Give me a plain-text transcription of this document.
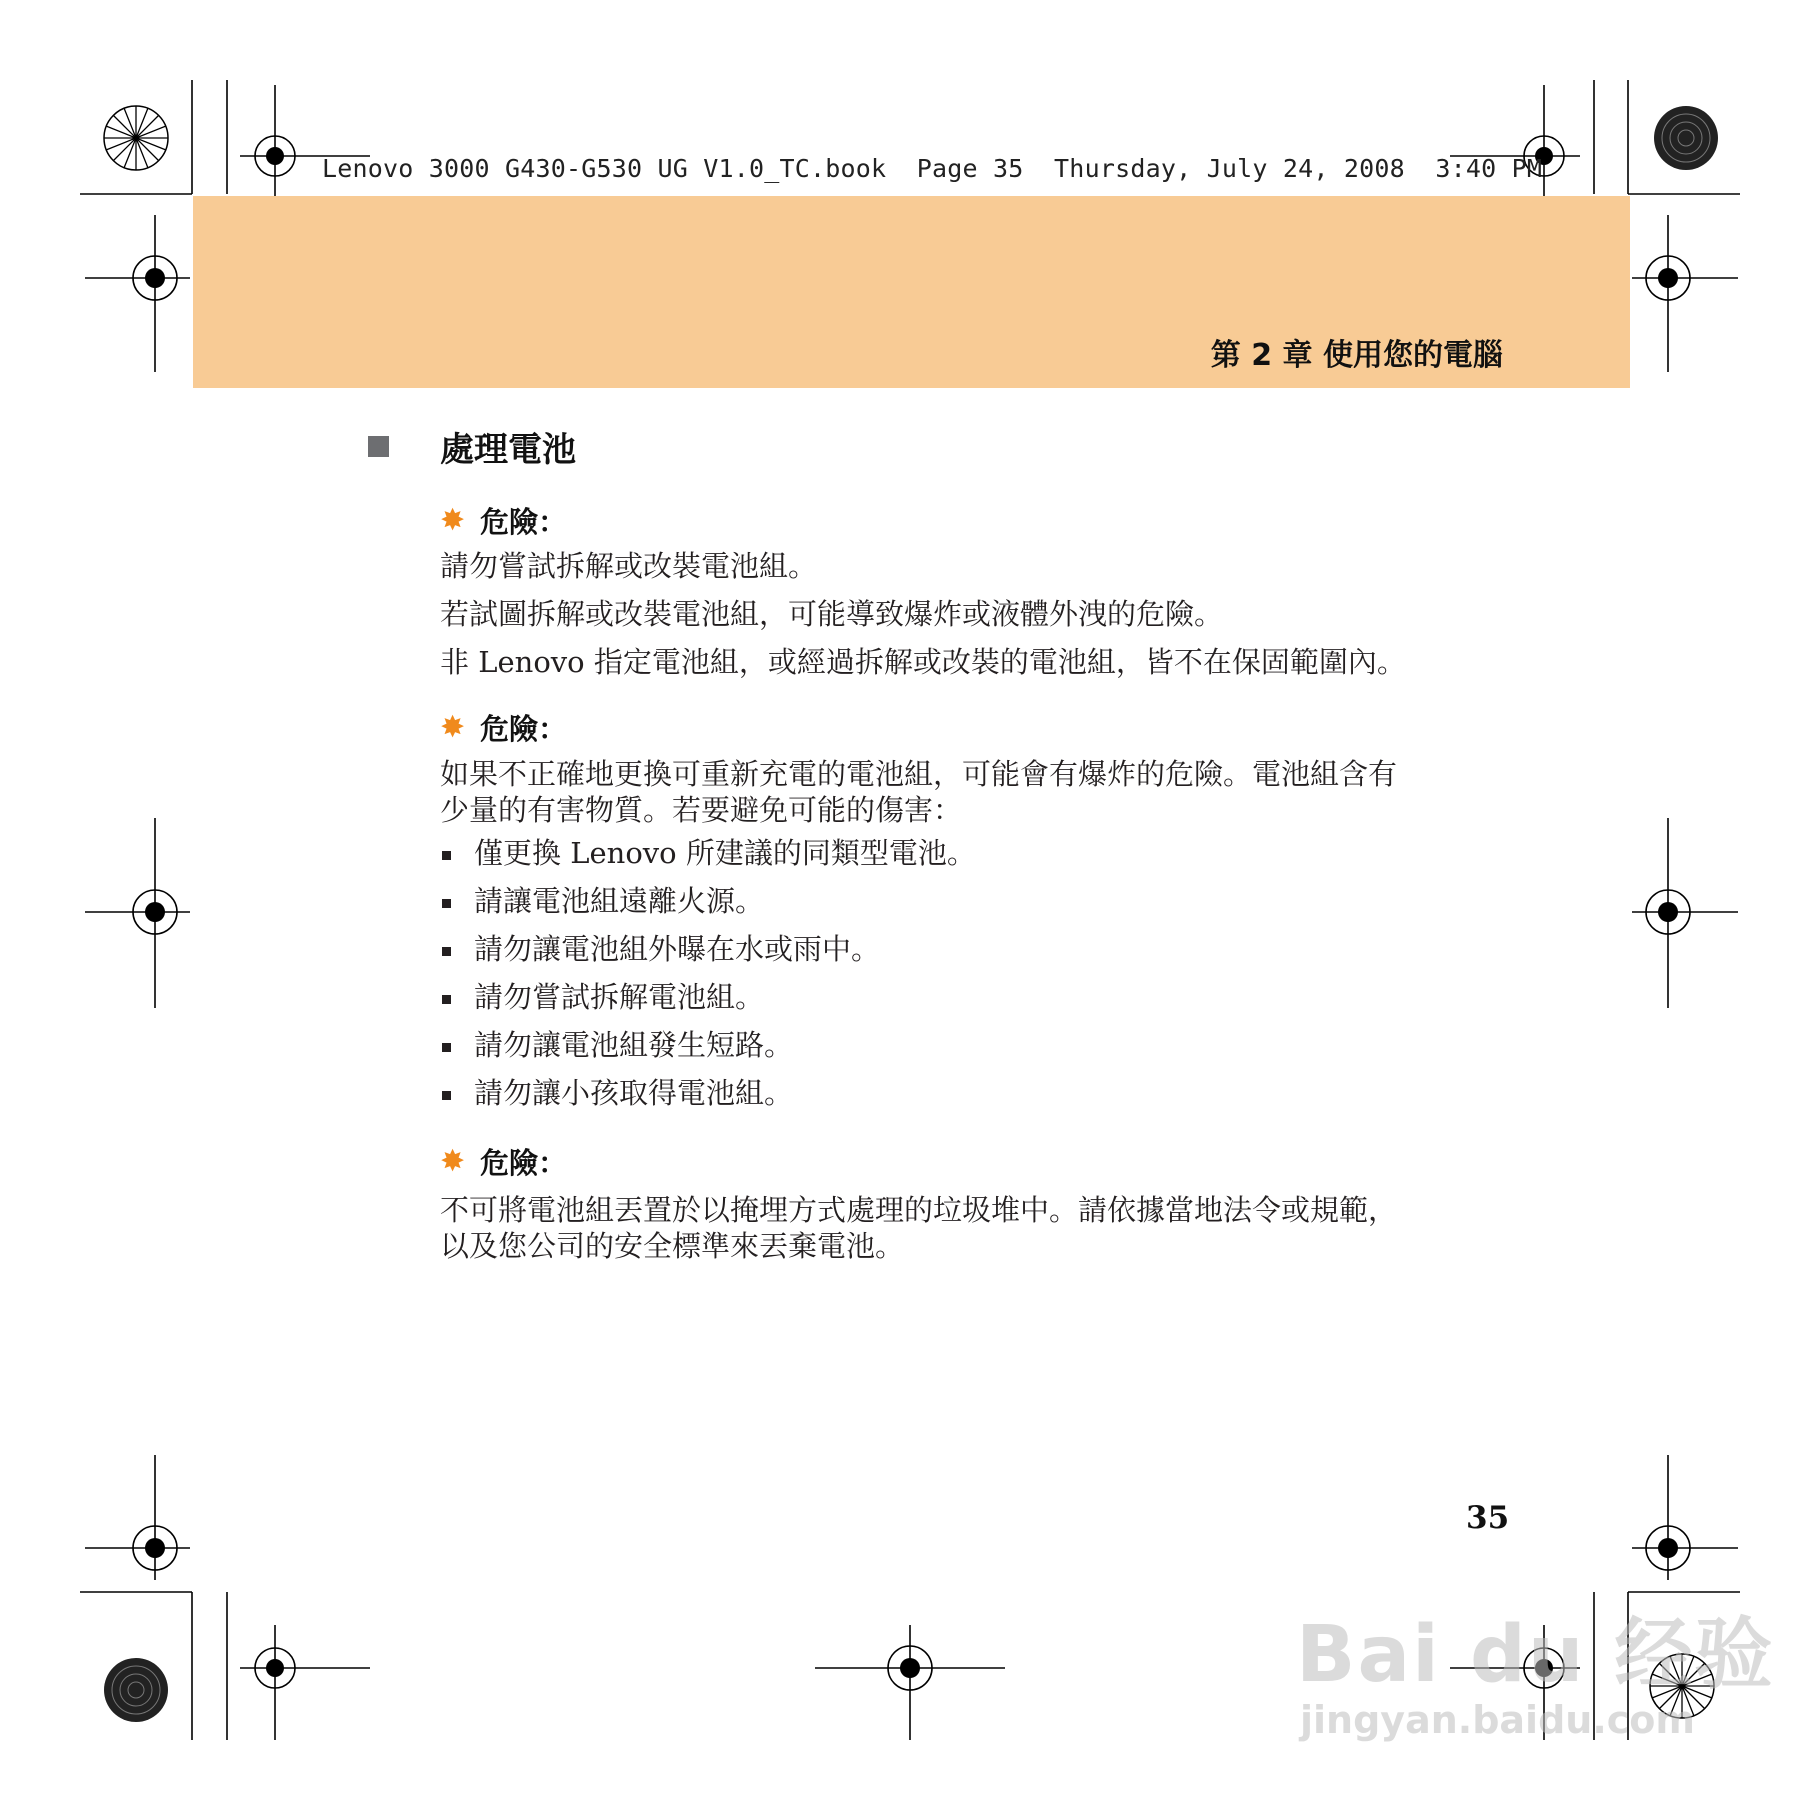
Lenovo 3000 G430-G530 UG V1.0_TC.book  Page 35  Thursday, July 24, 2008  3:40 PM
第 2 章 使用您的電腦
處理電池
✸ 危險：
請勿嘗試拆解或改裝電池組。
若試圖拆解或改裝電池組，可能導致爆炸或液體外洩的危險。
非 Lenovo 指定電池組，或經過拆解或改裝的電池組，皆不在保固範圍內。
✸ 危險：
如果不正確地更換可重新充電的電池組，可能會有爆炸的危險。電池組含有
少量的有害物質。若要避免可能的傷害：
僅更換 Lenovo 所建議的同類型電池。
請讓電池組遠離火源。
請勿讓電池組外曝在水或雨中。
請勿嘗試拆解電池組。
請勿讓電池組發生短路。
請勿讓小孩取得電池組。
✸ 危險：
不可將電池組丟置於以掩埋方式處理的垃圾堆中。請依據當地法令或規範，
以及您公司的安全標準來丟棄電池。
35
Bai du 经验
jingyan.baidu.com
